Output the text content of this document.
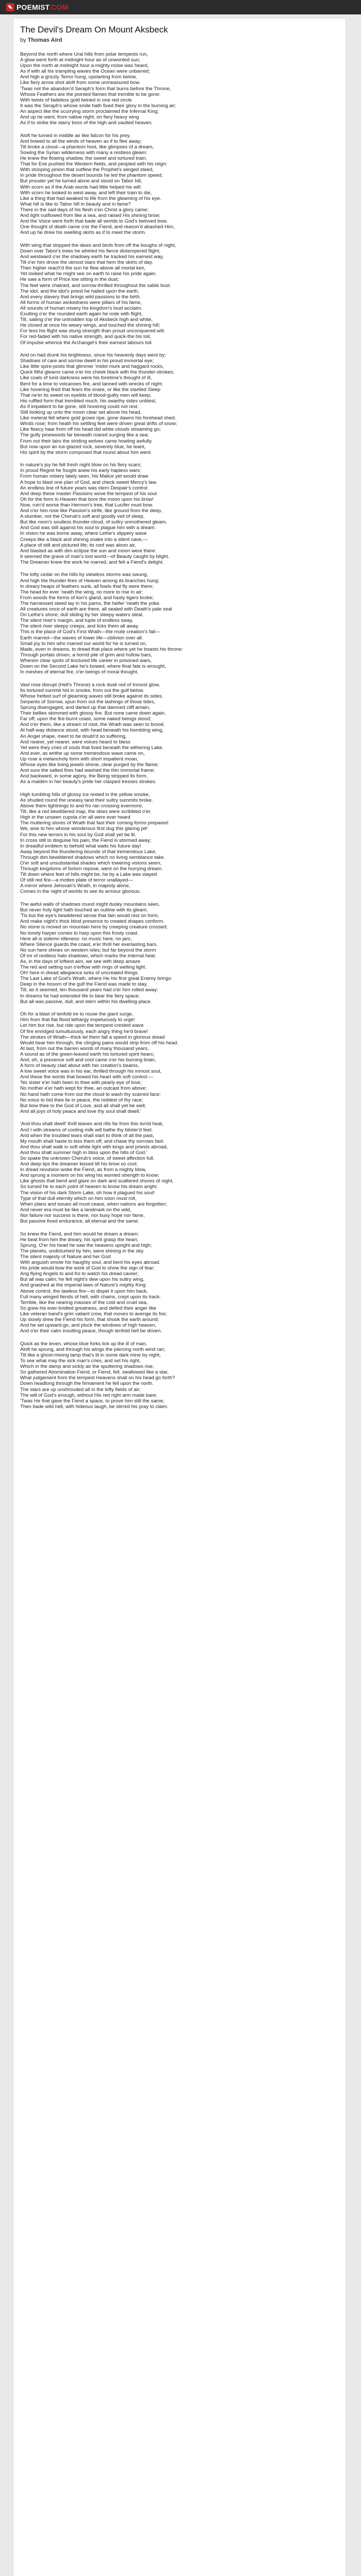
✎ POEMIST.COM
The Devil's Dream On Mount Aksbeck
by Thomas Aird
Beyond the north where Ural hills from polar tempests run,
A glow went forth at midnight hour as of unwonted sun;
Upon the north at midnight hour a mighty noise was heard,
As if with all his trampling waves the Ocean were unbarred;
And high a grizzly Terror hung, upstarting from below,
Like fiery arrow shot aloft from some unmeasured bow.
'Twas not the abandon'd Seraph's form that burns before the Throne,
Whose Feathers are the pointed flames that tremble to be gone:
With twists of fadeless gold twined in one red circle
It was the Seraph's whose smile hath fixed their glory in the burning air;
An aspect like the scurrying storm proclaimed the Infernal King;
And up he went, from native night, on fiery heavy wing
As if to strike the starry boss of the high and vaulted heaven.
Aloft he turned in middle air like falcon for his prey,
And bowed to all the winds of heaven as if to flee away;
Till broke a cloud—a phantom host, like glimpses of a dream,
Sowing the Syrian wilderness with many a restless gleam:
He knew the flowing shadow, the sweet and tortured train,
That for Eve pushed the Western fields, and peopled with his reign:
With stooping pinion that outflew the Prophet's winged steed,
In pride throughout the desert bounds he led the phantom speed;
But prouder yet he turned alone and stood on Tabor hill,
With scorn as if the Arab words had little helped his will:
With scorn he looked to west away, and left their train to die,
Like a thing that had awaked to life from the gleaming of his eye.
What hill is like to Tabor hill in beauty and in fame?
There in the sad days of his flesh s'en Christ a glory came;
And light outflowed from like a sea, and raised His shining brow;
And the Voice went forth that bade all worlds to God's beloved bow.
One thought of death came o'er the Fiend, and reason'd abashed Him,
And up he drew his swelling skirts as if to meet the storm.
With wing that stripped the dews and birds from off the boughs of night,
Down over Tabor's trees he whirled his fierce distempered flight;
And westward o'er the shadowy earth he tracked his earnest way,
Till o'er him drove the utmost stars that hem the skirts of day.
Then higher reach'd the sun he flew above all mortal ken,
Yet looked what he might see on earth to raise his pride again.
He saw a form of Price low sitting in the dust;
The feet were chained, and sorrow-thrilled throughout the sable bust.
The idol, and the idol's priest he hailed upon the earth,
And every slavery that brings wild passions to the birth.
All forms of human wickedness were pillars of his fame,
All sounds of human misery his kingdom's loud acclaim.
Exulting o'er the rounded earth again he rode with flight,
Till, sailing o'er the untrodden top of Aksbeck high and white,
He closed at once his weary wings, and touched the shining hill;
For less his flight was stung strength than proud unconquered will.
For red-faded with his native strength, and quick-the his toil,
Of impulse whence the Archangel's their earnest labours toil.
And on had drunk his brightness, since his heavenly days went by;
Shadows of care and sorrow dwelt in his proud immortal eye;
Like little spire-posts that glimmer 'midst murk and haggard rocks,
Quick fitful gleams came o'er his cheek black with the thunder-strokes;
Like coals of lurid darkness were his foretime's thought of ill,
Bent for a time to volcanoes fire, and tanned with wrecks of night.
Like hovering fired that fears the snare, or like the startled Sleep
That ne'er its sweet on eyelids of blood-guilty men will keep,
His ruffled form that trembled much, his swarthy sides unblest,
As if impatient to be gone, still hovering could not rest.
Still looking up unto the moon clear set above his head,
Like meteral fell where gold grows ripe, gone dawns his forehead shed.
Winds rose; from heath his settling feet were driven great drifts of snow;
Like fleecy haar from off his head did white clouds streaming go;
The gulfy pinewoods far beneath roared surging like a sea;
From out their lairs the striding wolves came howling awfully.
But now upon an ice-glazed rock, severely blue, he leant,
His spirit by the storm composed that round about him went.
In nature's joy he felt fresh night blow on his fiery scars;
In proud Regret he fought anew his early hapless wars;
From human misery lately seen, his Malice yet would draw
A hope to blast one plan of God, and check sweet Mercy's law.
An endless line of future years was stern Despair's control
And deep these master Passions wove the tempest of his soul.
Oh for the form in Heaven that bore the moon upon his brow!
Now, ruin'd worse than Hermon's tree, that Lucifer must bow.
And o'er him rose like Passion's strife, like ground from the deep,
A slumber, not the Cherub's soft and goodly veil of sleep,
But like noon's soulless thunder-cloud, of sultry unmothered gleam.
And God was still against his soul to plague him with a dream.
In vision he was borne away, where Lethe's slippery wave
Creeps like a black and shining snake into a silent cave,—
A place of still and pictured life; its roof was aloon air,
And blasted as with dim eclipse the sun and moon were there:
It seemed the grave of man's lost world—of Beauty caught by blight.
The Dreamer knew the work he marred, and felt a Fiend's delight.
The lofty cedar on the hills by viewless storms was swung,
And high the thunder-fires of Heaven among its branches hung;
In dreary heaps of feathers sunk, all fowls that fly were there;
The head for ever 'neath the wing, no more to rise in air;
From woods the forms of lion's gland, and hasty tigers broke;
The harnessed steed lay in his parns, the heifer 'neath the yoke.
All creatures once of earth are there, all sealed with Death's pale seal
On Lethe's shore; dull sliding by her sleepy waters steal.
The silent river's margin, and tuple of endless sway,
The silent river sleepy creeps, and licks them all away.
This is the place of God's First Wrath—the mute creation's fall—
Earth marred—the waves of lower life—oblivion over all.
Small joy to him who marred our world for he is turned on,
Made, even in dreams, to dread that place where yet he boasts his throne:
Through portals driven, a horrid pile of grim and hollow bars,
Wherein clear spots of tinctured life career in prisoned wars,
Down on the Second Lake he's bowed, where final fate is wrought,
In meshes of eternal fire, o'er beings of moral thought.
Vast rose disrupt (Hell's Throne) a rock dusk red of Inmost glow,
Its tortured summit hid in smoke, from out the gulf below.
Whose fretted surf of gleaming waves still broke against its sides.
Serpents of Sorrow, spun from out the lashings of those tides,
Sprung disengaged, and darted up that damned cliff amain,
Their bellies skimmed with glossy fire. But none came down again.
Far off, upon the fire-burnt coast, some naked beings stood;
And o'er them, like a stream of mist, the Wrath was seen to brood.
At half-way distance stood, with head beneath his trembling wing,
An Angel shape, meet to be doubt'd so suffering,
And nearer, yet nearer, were voices heard to bless
Yet were they cries of souls that lived beneath the withering Lake.
And ever, as writhe up some tremendous wave came on,
Up rose a melancholy form with short impatient moan,
Whose eyes like living jewels shone, clear purged by the flame;
And sure the salted fires had washed the thin immortal frame;
And backward, in some agony, the Being stripped its form,
As a maiden in her beauty's pride her clasped tresses strokes.
High tumbling hills of glossy ice rested in the yellow smoke,
As shuded round the uneasy land their sultry summits broke.
Above them lightnings to and fro ran crossing evermore,
Till, like a red bewildered map, the skies were scribbled o'er.
High in the unseen cupola o'er all were ever heard
The muttering stores of Wrath that fast their coming forms prepared:
We, woe to him whose wonderous first dug this glaring pit!
For this new terrors in his soul by God shall yet be lit.
In cross still to disguise his pain, the Fiend is stormed away;
In dreadful emblem to behold what waits his future day!
Away beyond the thundering bounds of that tremendous Lake,
Through dim bewildered shadows which no living semblance take.
O'er soft and unsubstantial shades which towering visions seem,
Through kingdoms of forlorn repose, went on the hurrying dream.
Till down where feet of hills might be, he by a Lake was stayed
Of still red fire—a molten plate of terror unallayed—
A mirror where Jehovah's Wrath, in majesty alone,
Comes in the night of worlds to see its armour glorious.
The awful walls of shadows round might dusky mountains seen,
But never holy light hath touched an outline with its gleam;
'Tis but the eye's bewildered sense that fain would rest on form,
And make night's thick blind presence to created shapes conform.
No stone is moved on mountain here by creeping creature crossed;
No lonely harper comes to harp upon this frosty coast.
Here all is solemn idleness: no music here, no jars,
Where Silence guards the coast, e'er thrill her everlasting bars.
No sun here shines on western isles; but far beyond the storm
Of ire of restless halo shadows, which marks the internal heat.
As, in the days of loftiest aim, we see with deep amaze
The red and setting sun o'erflow with rings of welling light.
Oh! here in dread allegiance lurks of uncreated things.
The Last Lake of God's Wrath, where He his first great Enemy brings:
Deep in the bosom of the gulf the Fiend was made to stay,
Till, as it seemed, ten thousand years had o'er him rolled away:
In dreams he had extended life to bear the fiery space;
But all was passive, dull, and stern within his dwelling-place.
Oh for a blast of tenfold ire to rouse the giant surge,
Him from that flat flood lethargy impetuously to urge!
Let him but rise, but ride upon the tempest-crested wave
Of fire enridged tumultuously, each angry thing he'd brave!
The strokes of Wrath—thick let them fall a speed in glorious dread
Would bear him through, the clinging pains would strip from off his head.
At last, from out the barren womb of many thousand years,
A sound as of the green-leaved earth his tortured spirit hears;
And, oh, a presence soft and cool came o'er his burning brain,
A form of beauty clad about with her creation's beams,
A low sweet voice was in his ear, thrilled through his inmost soul,
And these the words that bowed his heart with soft control:—
'No sister e'er hath been to thee with pearly eye of love;
No mother e'er hath wept for thee, an outcast from above;
No hand hath come from out the cloud to wash thy scarred face;
No voice to bid thee lie in peace, the noblest of thy race;
But bow thee to the God of Love, and all shall yet be well,
And all joys of holy peace and love thy soul shall dwell.'
'And thou shalt dwell' thrill leaves and rills far from this torrid heat,
And I with streams of cooling milk will bathe thy blister'd feet.
And when the troubled tears shall start to think of all the past,
My mouth shall haste to kiss them off, and chase thy sorrows fast.
And thou shalt walk in soft white light with kings and priests abroad,
And thou shalt summer high in bliss upon the hills of God.'
So spake the unknown Cherub's voice, of sweet affection full,
And deep lips the dreamer kissed till his brow so cool.
In dread revulsion woke the Fiend, as from a mighty blow,
And sprung a moment on his wing his worried strength to know;
Like ghosts that bend and glare on dark and scattered shores of night,
So turned he to each point of heaven to know his dream aright.
The vision of his dark Storm Lake, oh how it plagued his soul!
Type of that dull eternity which on him soon must roll,
When plans and issues all must cease, when nations are forgotten;
And never era must be like a landmark on the wild,
Nor failure nor success is there, nor busy hope nor fame,
But passive fixed endurance, all eternal and the same.
So knew the Fiend, and him would he dream a dream;
He beat from him the dreary, his spirit grasp the heart,
Sprung. O'er his head he saw the heavens upright and high;
The planets, undisturbed by him, were shining in the sky.
The silent majesty of Nature and her God
With anguish smote his haughty soul, and bent his eyes abroad.
His pride would bow the work of God to show the sign of fear;
Ang flying Angels to and fro to watch his dread career;
But all was calm; he felt night's dew upon his sultry wing,
And gnashed at the imperial laws of Nature's mighty King;
Above control, the lawless fire—to dispel it upon him back,
Full many winged fiends of hell, with chains, crept upon its track.
Terrible, like the nearing masses of the cold and cruel sea,
So grew his ever-bridled greatness, and defied their anger like
Like veteran band's grim valiant crow, that moves to avenge its foe;
Up slowly drew the Fiend his form, that shook the earth around;
And he set upward-go, and pluck the windows of high heaven,
And o'er their calm insulting peace, though tenfold hell be driven.
Quick as the leven, whose blue forks lick up the ill of man,
Aloft he sprung, and through his wings the piercing north wind ran;
Till like a ghost-mining lamp that's lit in some dark mine by night,
To see what may the sick man's cries, and set his right,
Which in the damp and sickly air the sputtering shadows rise,
So gathered Abomination Fiend, or Fiend, fell, swallowed like a star,
What judgement from the tempest Heavens shall on his head go forth?
Down headlong through the firmament he fell upon the north.
The stars are up unshrouded all in the lofty fields of air;
The will of God's enough, without His red right arm made bare;
'Twas He that gave the Fiend a space, to prove him still the same;
Then bade wild hell, with hideous laugh, be stirred his pray to claim.
